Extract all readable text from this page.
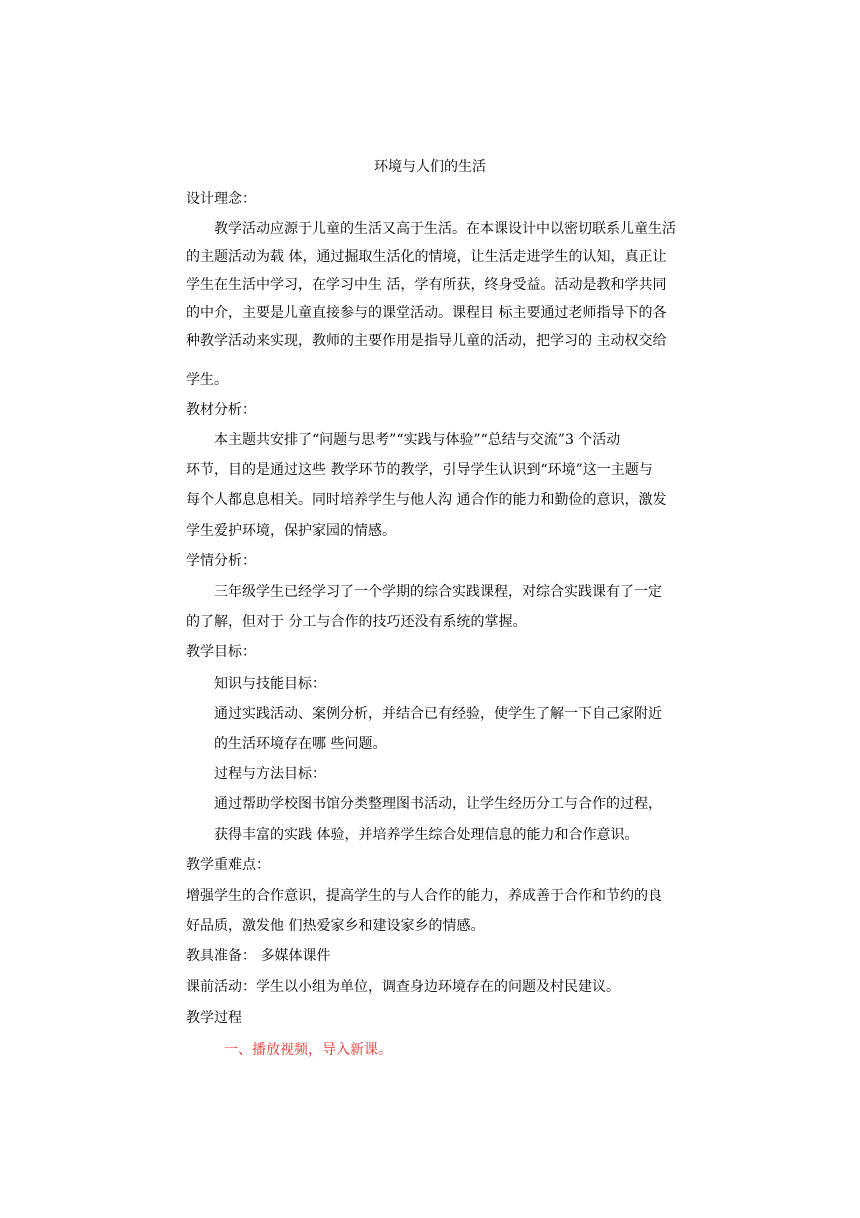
环境与人们的生活
设计理念：
教学活动应源于儿童的生活又高于生活。在本课设计中以密切联系儿童生活
的主题活动为载 体，通过掘取生活化的情境，让生活走进学生的认知，真正让
学生在生活中学习，在学习中生 活，学有所获，终身受益。活动是教和学共同
的中介，主要是儿童直接参与的课堂活动。课程目 标主要通过老师指导下的各
种教学活动来实现，教师的主要作用是指导儿童的活动，把学习的 主动权交给
学生。
教材分析：
本主题共安排了“问题与思考”“实践与体验”“总结与交流”3 个活动
环节，目的是通过这些 教学环节的教学，引导学生认识到“环境”这一主题与
每个人都息息相关。同时培养学生与他人沟 通合作的能力和勤俭的意识，激发
学生爱护环境，保护家园的情感。
学情分析：
三年级学生已经学习了一个学期的综合实践课程，对综合实践课有了一定
的了解，但对于 分工与合作的技巧还没有系统的掌握。
教学目标：
知识与技能目标：
通过实践活动、案例分析，并结合已有经验，使学生了解一下自己家附近
的生活环境存在哪 些问题。
过程与方法目标：
通过帮助学校图书馆分类整理图书活动，让学生经历分工与合作的过程，
获得丰富的实践 体验，并培养学生综合处理信息的能力和合作意识。
教学重难点：
增强学生的合作意识，提高学生的与人合作的能力，养成善于合作和节约的良
好品质，激发他 们热爱家乡和建设家乡的情感。
教具准备： 多媒体课件
课前活动：学生以小组为单位，调查身边环境存在的问题及村民建议。
教学过程
一、播放视频，导入新课。
